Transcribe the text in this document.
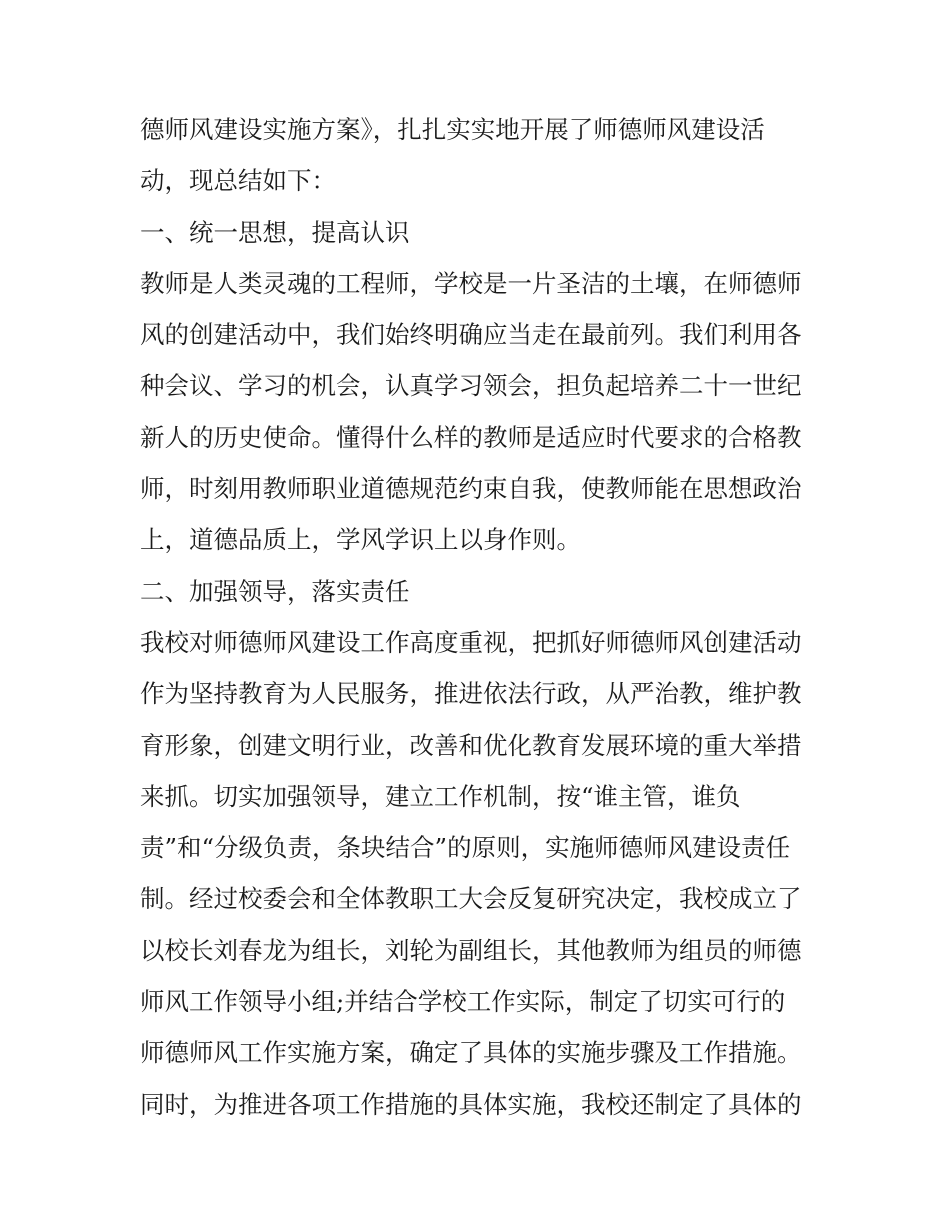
德师风建设实施方案》，扎扎实实地开展了师德师风建设活
动，现总结如下：
一、统一思想，提高认识
教师是人类灵魂的工程师，学校是一片圣洁的土壤，在师德师
风的创建活动中，我们始终明确应当走在最前列。我们利用各
种会议、学习的机会，认真学习领会，担负起培养二十一世纪
新人的历史使命。懂得什么样的教师是适应时代要求的合格教
师，时刻用教师职业道德规范约束自我，使教师能在思想政治
上，道德品质上，学风学识上以身作则。
二、加强领导，落实责任
我校对师德师风建设工作高度重视，把抓好师德师风创建活动
作为坚持教育为人民服务，推进依法行政，从严治教，维护教
育形象，创建文明行业，改善和优化教育发展环境的重大举措
来抓。切实加强领导，建立工作机制，按“谁主管，谁负
责”和“分级负责，条块结合”的原则，实施师德师风建设责任
制。经过校委会和全体教职工大会反复研究决定，我校成立了
以校长刘春龙为组长，刘轮为副组长，其他教师为组员的师德
师风工作领导小组;并结合学校工作实际，制定了切实可行的
师德师风工作实施方案，确定了具体的实施步骤及工作措施。
同时，为推进各项工作措施的具体实施，我校还制定了具体的
